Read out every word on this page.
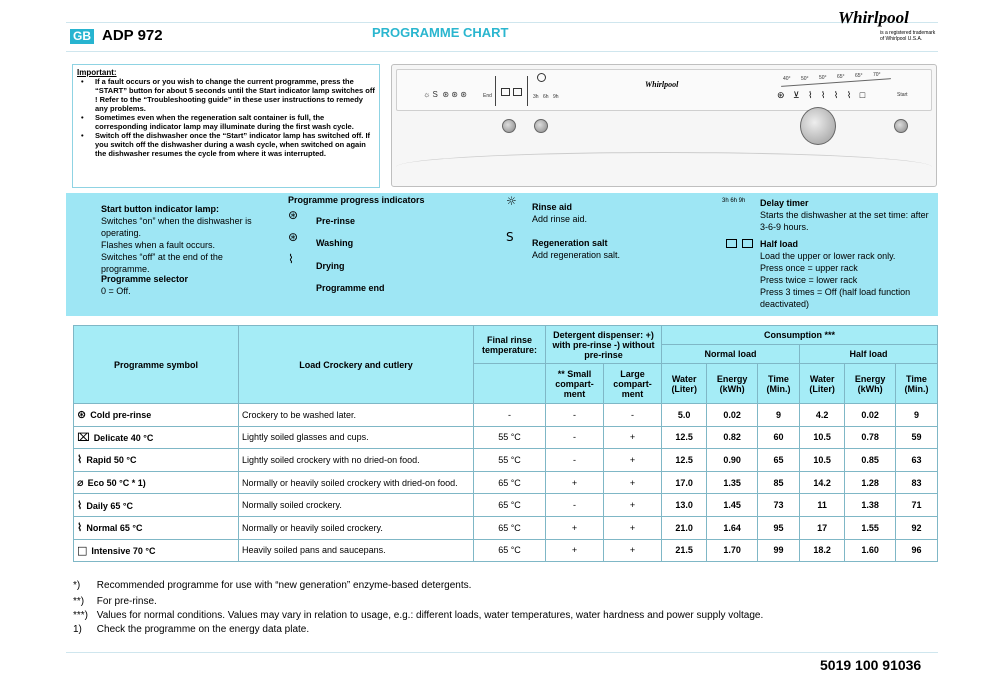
GB ADP 972	PROGRAMME CHART
Whirlpool
is a registered trademark of Whirlpool U.S.A.
Important:
• If a fault occurs or you wish to change the current programme, press the “START” button for about 5 seconds until the Start indicator lamp switches off ! Refer to the “Troubleshooting guide” in these user instructions to remedy any problems.
• Sometimes even when the regeneration salt container is full, the corresponding indicator lamp may illuminate during the first wash cycle.
• Switch off the dishwasher once the “Start” indicator lamp has switched off. If you switch off the dishwasher during a wash cycle, when switched on again the dishwasher resumes the cycle from where it was interrupted.
☼ S  ⊛ ⊛ ⊛	End	3h 6h 9h
Whirlpool
40° 50° 50° 65° 65° 70°
⊛ ⊻ ⌇ ⌇ ⌇ ⌇ □	Start
Start button indicator lamp:
Switches “on” when the dishwasher is operating.
Flashes when a fault occurs.
Switches “off” at the end of the programme.
Programme selector
0 = Off.
Programme progress indicators
⊛ Pre-rinse
⊛ Washing
⌇ Drying
Programme end
☼ Rinse aid
Add rinse aid.
S Regeneration salt
Add regeneration salt.
3h 6h 9h Delay timer
Starts the dishwasher at the set time: after 3-6-9 hours.
Half load
Load the upper or lower rack only.
Press once = upper rack
Press twice = lower rack
Press 3 times = Off (half load function deactivated)
Programme symbol	Load Crockery and cutlery	Final rinse temperature:	Detergent dispenser: +) with pre-rinse -) without pre-rinse		Consumption ***					
					Normal load			Half load		
			** Small compart- ment	Large compart- ment	Water (Liter)	Energy (kWh)	Time (Min.)	Water (Liter)	Energy (kWh)	Time (Min.)
⊛ Cold pre-rinse	Crockery to be washed later.	-	-	-	5.0	0.02	9	4.2	0.02	9
⌧ Delicate 40 °C	Lightly soiled glasses and cups.	55 °C	-	+	12.5	0.82	60	10.5	0.78	59
⌇ Rapid 50 °C	Lightly soiled crockery with no dried-on food.	55 °C	-	+	12.5	0.90	65	10.5	0.85	63
⌀ Eco 50 °C * 1)	Normally or heavily soiled crockery with dried-on food.	65 °C	+	+	17.0	1.35	85	14.2	1.28	83
⌇ Daily 65 °C	Normally soiled crockery.	65 °C	-	+	13.0	1.45	73	11	1.38	71
⌇ Normal 65 °C	Normally or heavily soiled crockery.	65 °C	+	+	21.0	1.64	95	17	1.55	92
□ Intensive 70 °C	Heavily soiled pans and saucepans.	65 °C	+	+	21.5	1.70	99	18.2	1.60	96
*) Recommended programme for use with “new generation” enzyme-based detergents.
**) For pre-rinse.
***) Values for normal conditions. Values may vary in relation to usage, e.g.: different loads, water temperatures, water hardness and power supply voltage.
1) Check the programme on the energy data plate.
5019 100 91036
